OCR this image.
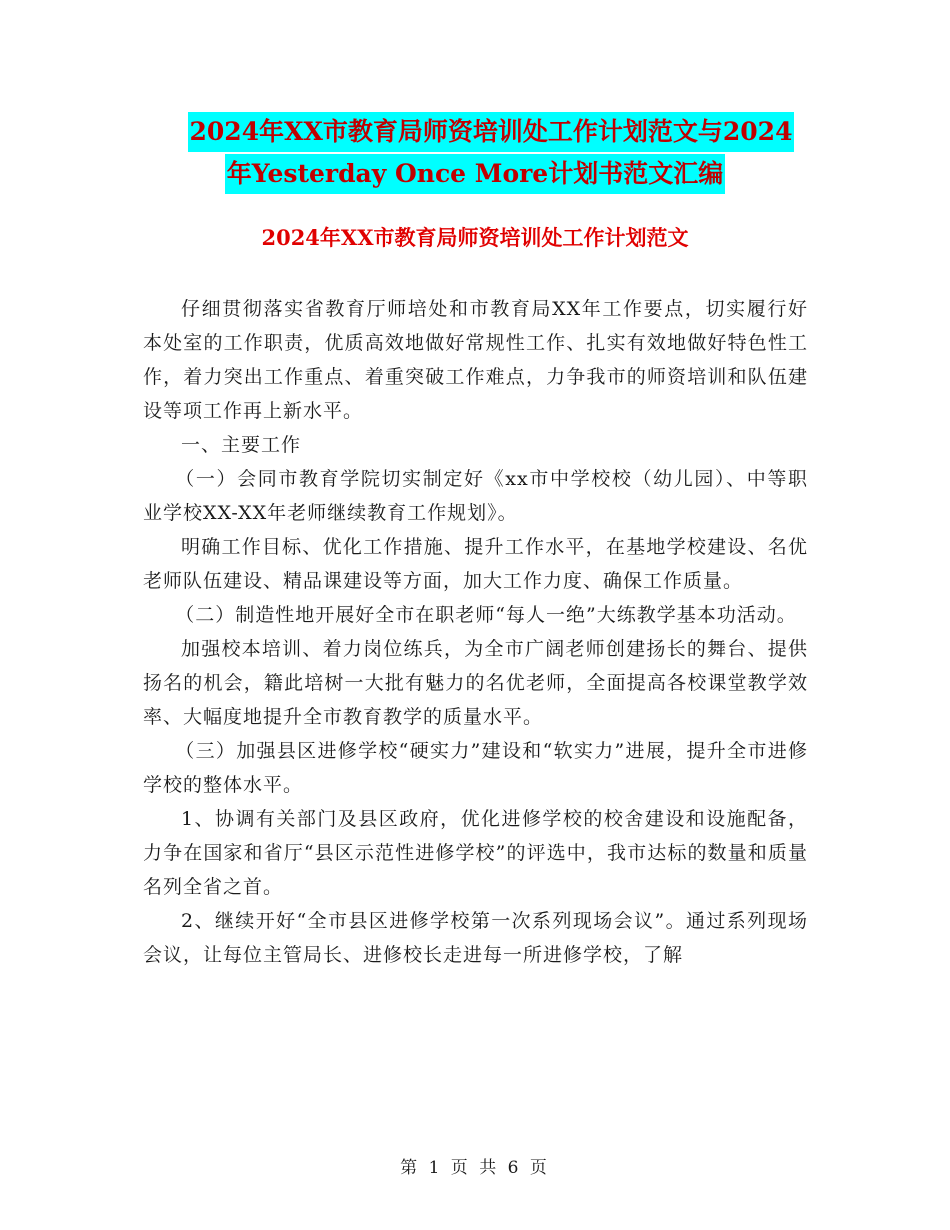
2024年XX市教育局师资培训处工作计划范文与2024
年Yesterday Once More计划书范文汇编
2024年XX市教育局师资培训处工作计划范文

仔细贯彻落实省教育厅师培处和市教育局XX年工作要点，切实履行好本处室的工作职责，优质高效地做好常规性工作、扎实有效地做好特色性工作，着力突出工作重点、着重突破工作难点，力争我市的师资培训和队伍建设等项工作再上新水平。

一、主要工作

（一）会同市教育学院切实制定好《xx市中学校校（幼儿园）、中等职业学校XX-XX年老师继续教育工作规划》。

明确工作目标、优化工作措施、提升工作水平，在基地学校建设、名优老师队伍建设、精品课建设等方面，加大工作力度、确保工作质量。

（二）制造性地开展好全市在职老师“每人一绝”大练教学基本功活动。

加强校本培训、着力岗位练兵，为全市广阔老师创建扬长的舞台、提供扬名的机会，籍此培树一大批有魅力的名优老师，全面提高各校课堂教学效率、大幅度地提升全市教育教学的质量水平。

（三）加强县区进修学校“硬实力”建设和“软实力”进展，提升全市进修学校的整体水平。

1、协调有关部门及县区政府，优化进修学校的校舍建设和设施配备，力争在国家和省厅“县区示范性进修学校”的评选中，我市达标的数量和质量名列全省之首。

2、继续开好“全市县区进修学校第一次系列现场会议”。通过系列现场会议，让每位主管局长、进修校长走进每一所进修学校，了解

第 1 页 共 6 页
